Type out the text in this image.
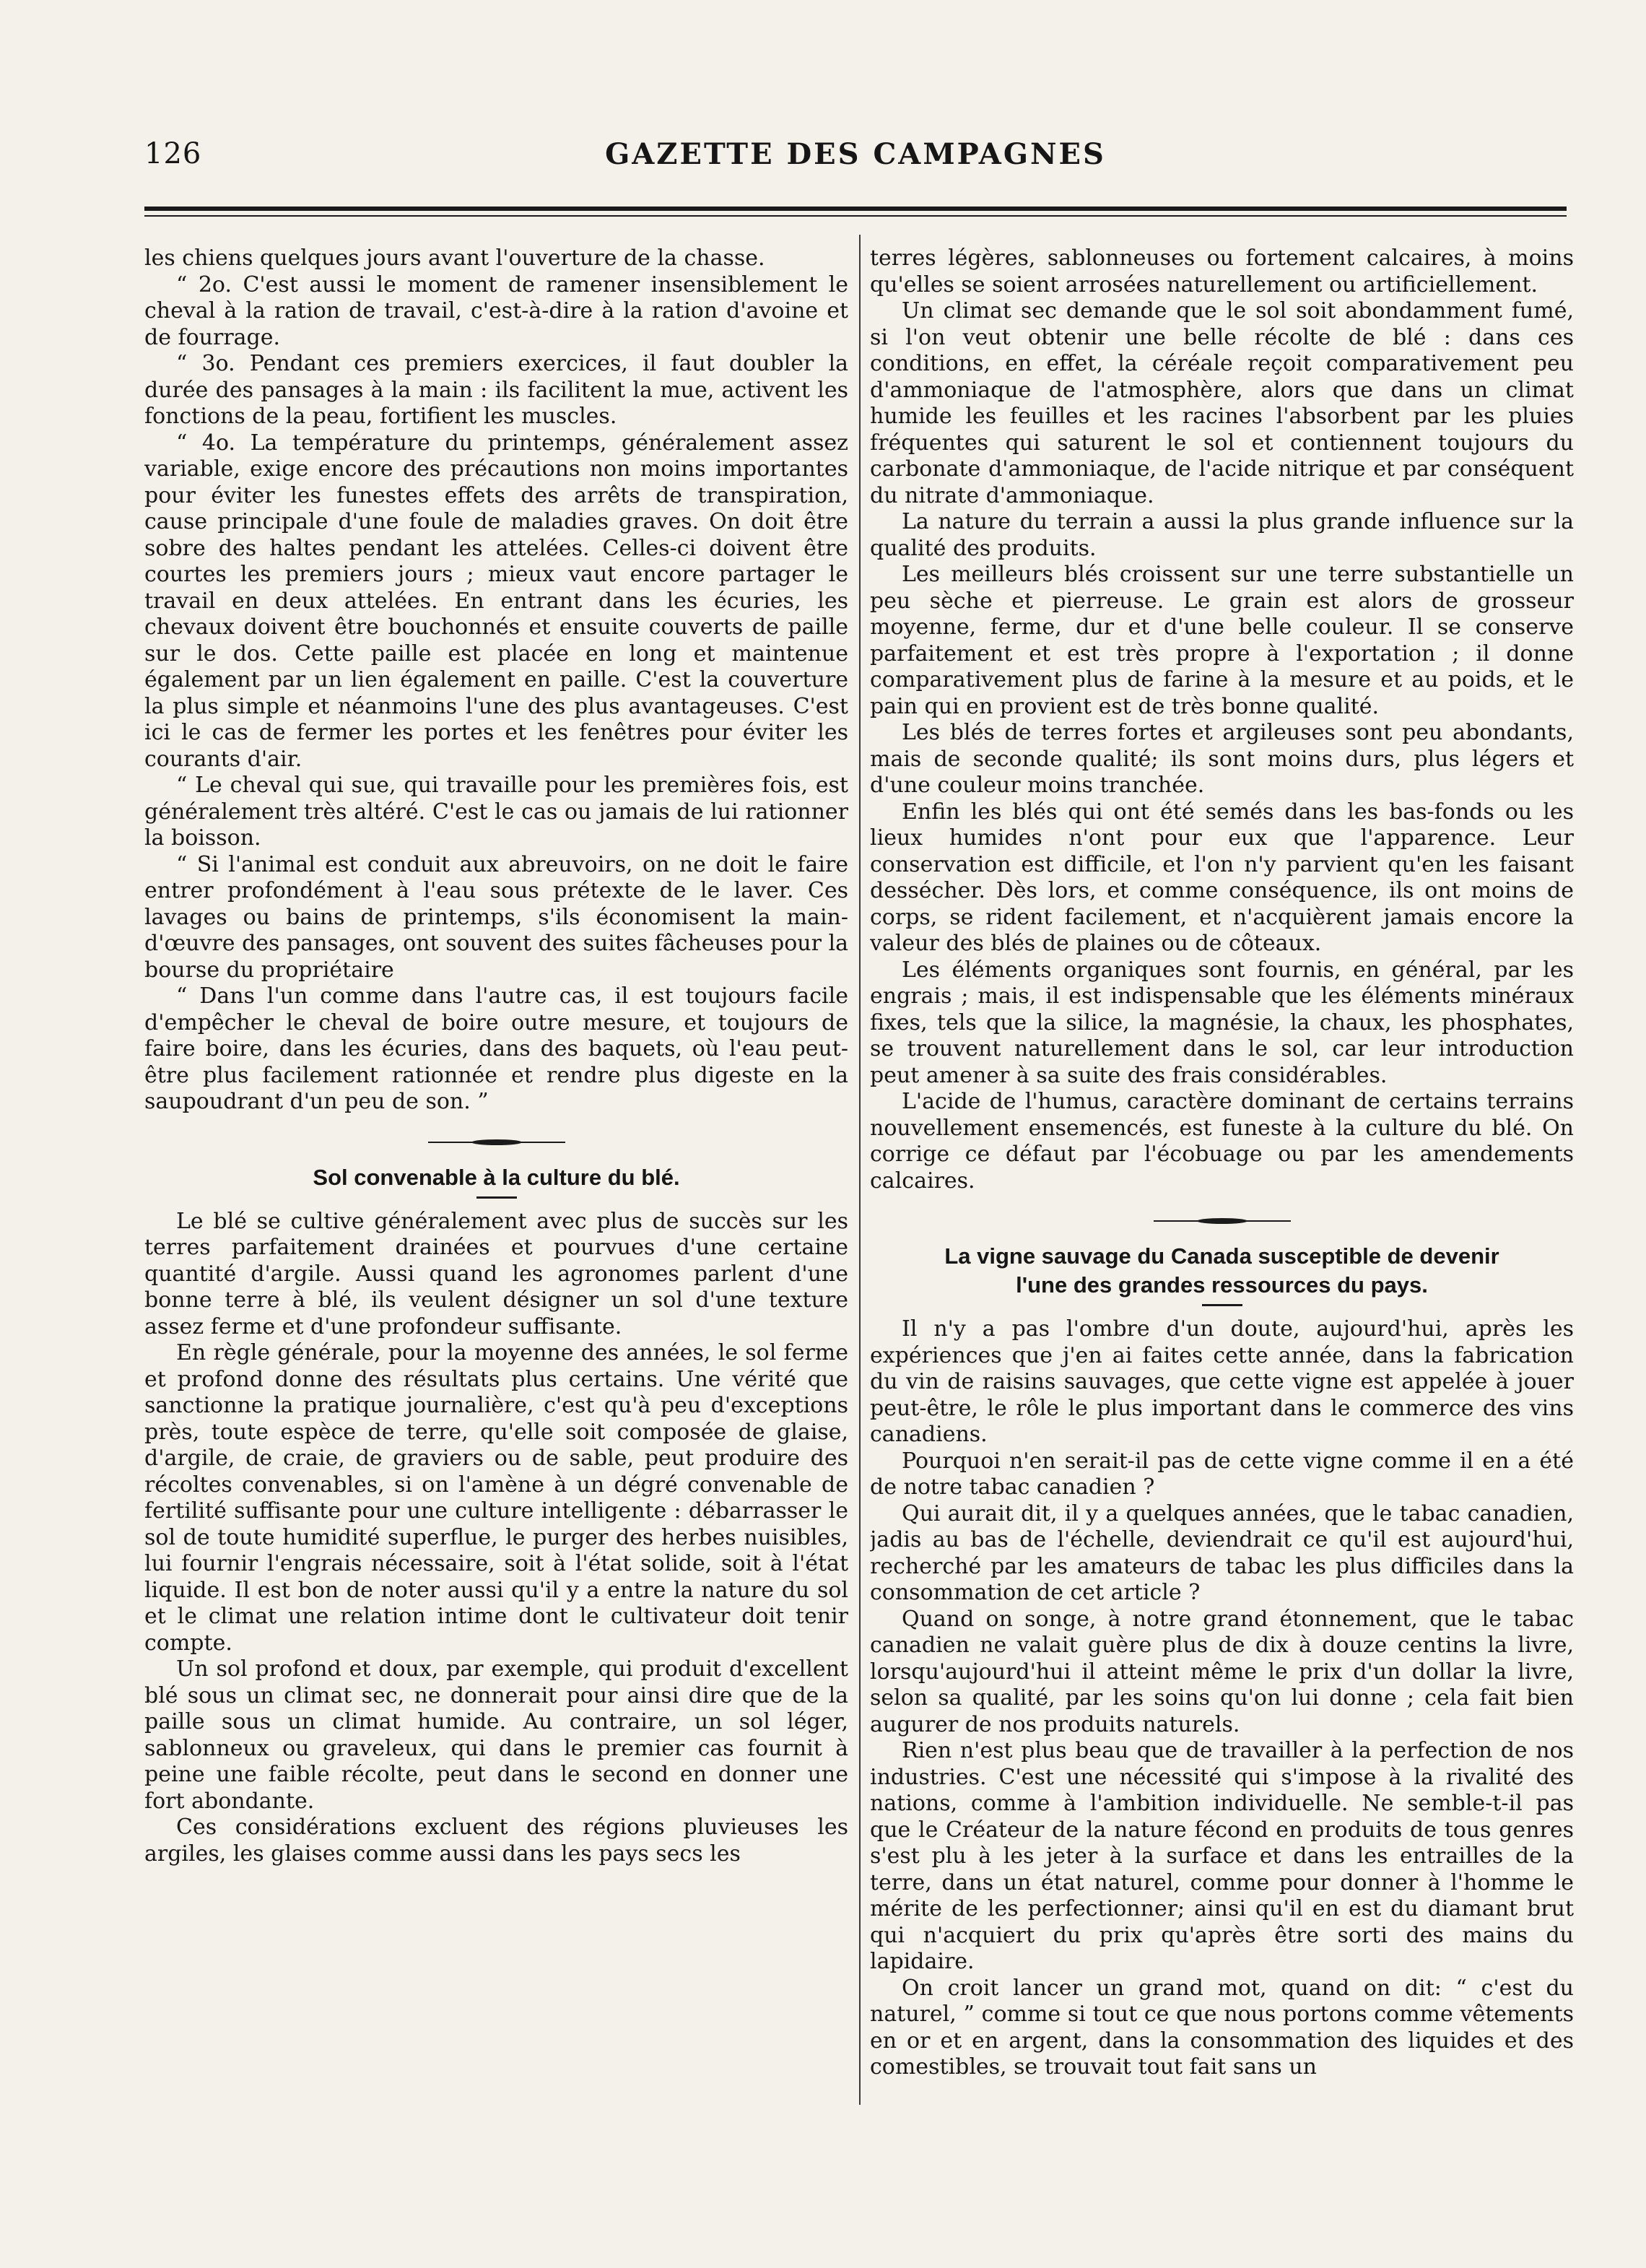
126	GAZETTE DES CAMPAGNES

les chiens quelques jours avant l'ouverture de la chasse.

“ 2o. C'est aussi le moment de ramener insensiblement le cheval à la ration de travail, c'est-à-dire à la ration d'avoine et de fourrage.

“ 3o. Pendant ces premiers exercices, il faut doubler la durée des pansages à la main : ils facilitent la mue, activent les fonctions de la peau, fortifient les muscles.

“ 4o. La température du printemps, généralement assez variable, exige encore des précautions non moins importantes pour éviter les funestes effets des arrêts de transpiration, cause principale d'une foule de maladies graves. On doit être sobre des haltes pendant les attelées. Celles-ci doivent être courtes les premiers jours ; mieux vaut encore partager le travail en deux attelées. En entrant dans les écuries, les chevaux doivent être bouchonnés et ensuite couverts de paille sur le dos. Cette paille est placée en long et maintenue également par un lien également en paille. C'est la couverture la plus simple et néanmoins l'une des plus avantageuses. C'est ici le cas de fermer les portes et les fenêtres pour éviter les courants d'air.

“ Le cheval qui sue, qui travaille pour les premières fois, est généralement très altéré. C'est le cas ou jamais de lui rationner la boisson.

“ Si l'animal est conduit aux abreuvoirs, on ne doit le faire entrer profondément à l'eau sous prétexte de le laver. Ces lavages ou bains de printemps, s'ils économisent la main-d'œuvre des pansages, ont souvent des suites fâcheuses pour la bourse du propriétaire

“ Dans l'un comme dans l'autre cas, il est toujours facile d'empêcher le cheval de boire outre mesure, et toujours de faire boire, dans les écuries, dans des baquets, où l'eau peut-être plus facilement rationnée et rendre plus digeste en la saupoudrant d'un peu de son. ”

Sol convenable à la culture du blé.

Le blé se cultive généralement avec plus de succès sur les terres parfaitement drainées et pourvues d'une certaine quantité d'argile. Aussi quand les agronomes parlent d'une bonne terre à blé, ils veulent désigner un sol d'une texture assez ferme et d'une profondeur suffisante.

En règle générale, pour la moyenne des années, le sol ferme et profond donne des résultats plus certains. Une vérité que sanctionne la pratique journalière, c'est qu'à peu d'exceptions près, toute espèce de terre, qu'elle soit composée de glaise, d'argile, de craie, de graviers ou de sable, peut produire des récoltes convenables, si on l'amène à un dégré convenable de fertilité suffisante pour une culture intelligente : débarrasser le sol de toute humidité superflue, le purger des herbes nuisibles, lui fournir l'engrais nécessaire, soit à l'état solide, soit à l'état liquide. Il est bon de noter aussi qu'il y a entre la nature du sol et le climat une relation intime dont le cultivateur doit tenir compte.

Un sol profond et doux, par exemple, qui produit d'excellent blé sous un climat sec, ne donnerait pour ainsi dire que de la paille sous un climat humide. Au contraire, un sol léger, sablonneux ou graveleux, qui dans le premier cas fournit à peine une faible récolte, peut dans le second en donner une fort abondante.

Ces considérations excluent des régions pluvieuses les argiles, les glaises comme aussi dans les pays secs les

terres légères, sablonneuses ou fortement calcaires, à moins qu'elles se soient arrosées naturellement ou artificiellement.

Un climat sec demande que le sol soit abondamment fumé, si l'on veut obtenir une belle récolte de blé : dans ces conditions, en effet, la céréale reçoit comparativement peu d'ammoniaque de l'atmosphère, alors que dans un climat humide les feuilles et les racines l'absorbent par les pluies fréquentes qui saturent le sol et contiennent toujours du carbonate d'ammoniaque, de l'acide nitrique et par conséquent du nitrate d'ammoniaque.

La nature du terrain a aussi la plus grande influence sur la qualité des produits.

Les meilleurs blés croissent sur une terre substantielle un peu sèche et pierreuse. Le grain est alors de grosseur moyenne, ferme, dur et d'une belle couleur. Il se conserve parfaitement et est très propre à l'exportation ; il donne comparativement plus de farine à la mesure et au poids, et le pain qui en provient est de très bonne qualité.

Les blés de terres fortes et argileuses sont peu abondants, mais de seconde qualité; ils sont moins durs, plus légers et d'une couleur moins tranchée.

Enfin les blés qui ont été semés dans les bas-fonds ou les lieux humides n'ont pour eux que l'apparence. Leur conservation est difficile, et l'on n'y parvient qu'en les faisant dessécher. Dès lors, et comme conséquence, ils ont moins de corps, se rident facilement, et n'acquièrent jamais encore la valeur des blés de plaines ou de côteaux.

Les éléments organiques sont fournis, en général, par les engrais ; mais, il est indispensable que les éléments minéraux fixes, tels que la silice, la magnésie, la chaux, les phosphates, se trouvent naturellement dans le sol, car leur introduction peut amener à sa suite des frais considérables.

L'acide de l'humus, caractère dominant de certains terrains nouvellement ensemencés, est funeste à la culture du blé. On corrige ce défaut par l'écobuage ou par les amendements calcaires.

La vigne sauvage du Canada susceptible de devenir

l'une des grandes ressources du pays.

Il n'y a pas l'ombre d'un doute, aujourd'hui, après les expériences que j'en ai faites cette année, dans la fabrication du vin de raisins sauvages, que cette vigne est appelée à jouer peut-être, le rôle le plus important dans le commerce des vins canadiens.

Pourquoi n'en serait-il pas de cette vigne comme il en a été de notre tabac canadien ?

Qui aurait dit, il y a quelques années, que le tabac canadien, jadis au bas de l'échelle, deviendrait ce qu'il est aujourd'hui, recherché par les amateurs de tabac les plus difficiles dans la consommation de cet article ?

Quand on songe, à notre grand étonnement, que le tabac canadien ne valait guère plus de dix à douze centins la livre, lorsqu'aujourd'hui il atteint même le prix d'un dollar la livre, selon sa qualité, par les soins qu'on lui donne ; cela fait bien augurer de nos produits naturels.

Rien n'est plus beau que de travailler à la perfection de nos industries. C'est une nécessité qui s'impose à la rivalité des nations, comme à l'ambition individuelle. Ne semble-t-il pas que le Créateur de la nature fécond en produits de tous genres s'est plu à les jeter à la surface et dans les entrailles de la terre, dans un état naturel, comme pour donner à l'homme le mérite de les perfectionner; ainsi qu'il en est du diamant brut qui n'acquiert du prix qu'après être sorti des mains du lapidaire.

On croit lancer un grand mot, quand on dit: “ c'est du naturel, ” comme si tout ce que nous portons comme vêtements en or et en argent, dans la consommation des liquides et des comestibles, se trouvait tout fait sans un
